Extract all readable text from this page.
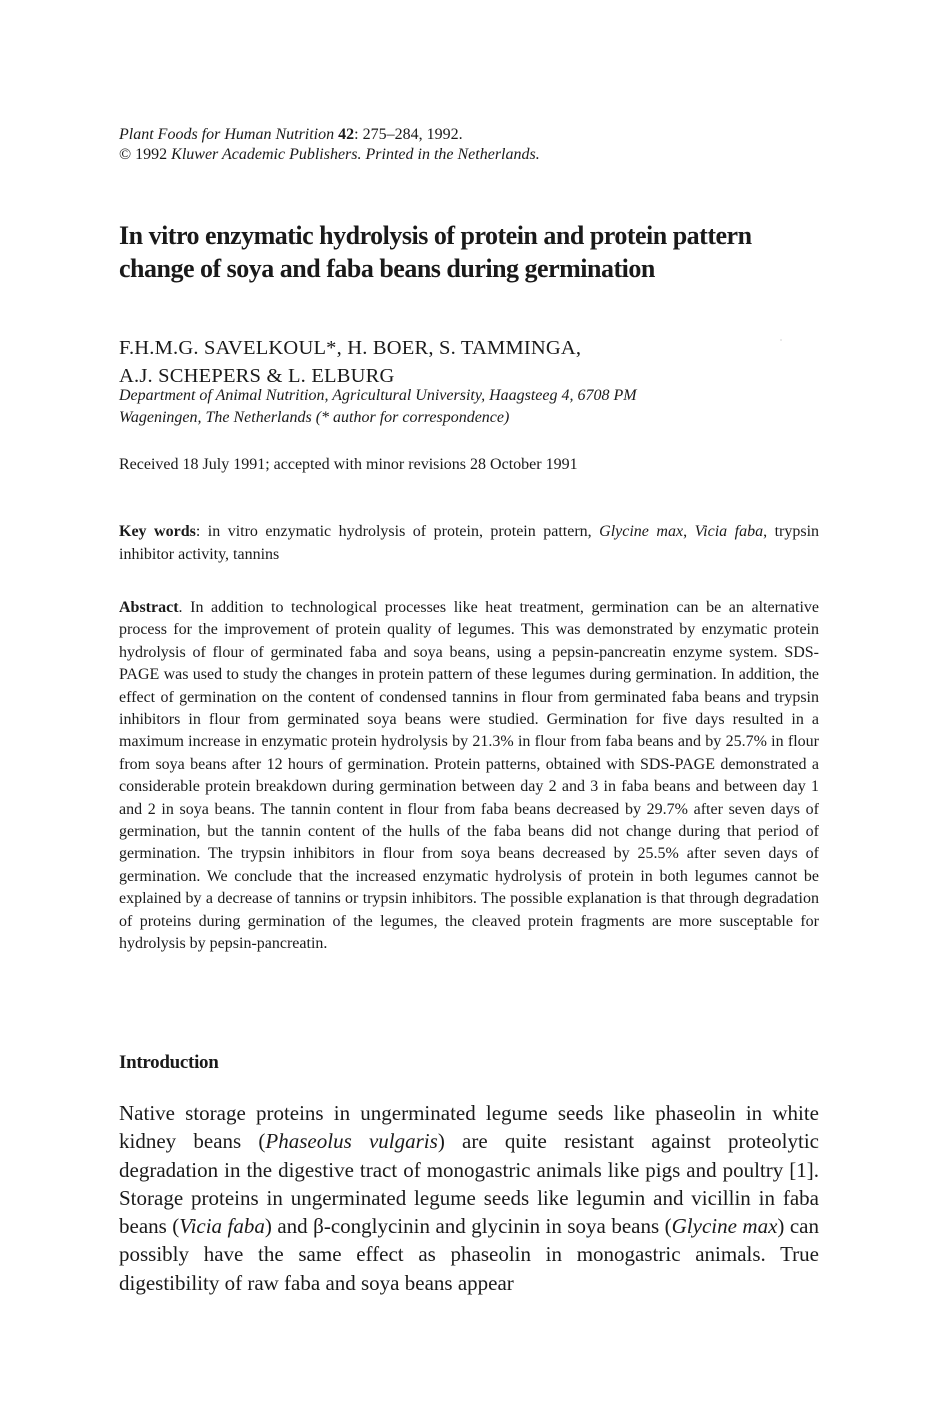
Plant Foods for Human Nutrition 42: 275–284, 1992.
© 1992 Kluwer Academic Publishers. Printed in the Netherlands.
In vitro enzymatic hydrolysis of protein and protein pattern
change of soya and faba beans during germination
F.H.M.G. SAVELKOUL*, H. BOER, S. TAMMINGA,
A.J. SCHEPERS & L. ELBURG
Department of Animal Nutrition, Agricultural University, Haagsteeg 4, 6708 PM
Wageningen, The Netherlands (* author for correspondence)
Received 18 July 1991; accepted with minor revisions 28 October 1991
Key words: in vitro enzymatic hydrolysis of protein, protein pattern, Glycine max, Vicia faba, trypsin inhibitor activity, tannins
Abstract. In addition to technological processes like heat treatment, germination can be an alternative process for the improvement of protein quality of legumes. This was demonstrated by enzymatic protein hydrolysis of flour of germinated faba and soya beans, using a pepsin-pancreatin enzyme system. SDS-PAGE was used to study the changes in protein pattern of these legumes during germination. In addition, the effect of germination on the content of condensed tannins in flour from germinated faba beans and trypsin inhibitors in flour from germinated soya beans were studied. Germination for five days resulted in a maximum increase in enzymatic protein hydrolysis by 21.3% in flour from faba beans and by 25.7% in flour from soya beans after 12 hours of germination. Protein patterns, obtained with SDS-PAGE demonstrated a considerable protein breakdown during germination between day 2 and 3 in faba beans and between day 1 and 2 in soya beans. The tannin content in flour from faba beans decreased by 29.7% after seven days of germination, but the tannin content of the hulls of the faba beans did not change during that period of germination. The trypsin inhibitors in flour from soya beans decreased by 25.5% after seven days of germination. We conclude that the increased enzymatic hydrolysis of protein in both legumes cannot be explained by a decrease of tannins or trypsin inhibitors. The possible explanation is that through degradation of proteins during germination of the legumes, the cleaved protein fragments are more susceptable for hydrolysis by pepsin-pancreatin.
Introduction
Native storage proteins in ungerminated legume seeds like phaseolin in white kidney beans (Phaseolus vulgaris) are quite resistant against proteolytic degradation in the digestive tract of monogastric animals like pigs and poultry [1]. Storage proteins in ungerminated legume seeds like legumin and vicillin in faba beans (Vicia faba) and β-conglycinin and glycinin in soya beans (Glycine max) can possibly have the same effect as phaseolin in monogastric animals. True digestibility of raw faba and soya beans appear
